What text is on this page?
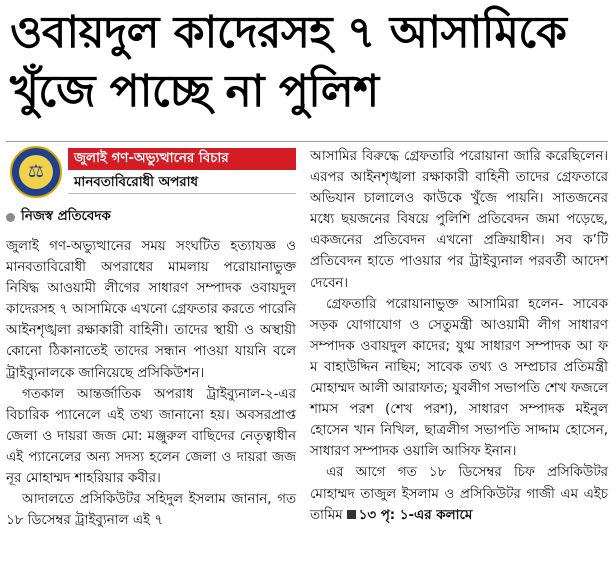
ওবায়দুল কাদেরসহ ৭ আসামিকে
খুঁজে পাচ্ছে না পুলিশ
⚖
জুলাই গণ-অভ্যুত্থানের বিচার
মানবতাবিরোধী অপরাধ
নিজস্ব প্রতিবেদক

জুলাই গণ-অভ্যুত্থানের সময় সংঘটিত হত্যাযজ্ঞ ও মানবতাবিরোধী অপরাধের মামলায় পরোয়ানাভুক্ত নিষিদ্ধ আওয়ামী লীগের সাধারণ সম্পাদক ওবায়দুল কাদেরসহ ৭ আসামিকে এখনো গ্রেফতার করতে পারেনি আইনশৃঙ্খলা রক্ষাকারী বাহিনী। তাদের স্থায়ী ও অস্থায়ী কোনো ঠিকানাতেই তাদের সন্ধান পাওয়া যায়নি বলে ট্রাইব্যুনালকে জানিয়েছে প্রসিকিউশন।

গতকাল আন্তর্জাতিক অপরাধ ট্রাইব্যুনাল-২-এর বিচারিক প্যানেলে এই তথ্য জানানো হয়। অবসরপ্রাপ্ত জেলা ও দায়রা জজ মো: মঞ্জুরুল বাছিদের নেতৃত্বাধীন এই প্যানেলের অন্য সদস্য হলেন জেলা ও দায়রা জজ নূর মোহাম্মদ শাহরিয়ার কবীর।

আদালতে প্রসিকিউটর সহিদুল ইসলাম জানান, গত ১৮ ডিসেম্বর ট্রাইব্যুনাল এই ৭

আসামির বিরুদ্ধে গ্রেফতারি পরোয়ানা জারি করেছিলেন। এরপর আইনশৃঙ্খলা রক্ষাকারী বাহিনী তাদের গ্রেফতারে অভিযান চালালেও কাউকে খুঁজে পায়নি। সাতজনের মধ্যে ছয়জনের বিষয়ে পুলিশি প্রতিবেদন জমা পড়েছে, একজনের প্রতিবেদন এখনো প্রক্রিয়াধীন। সব ক’টি প্রতিবেদন হাতে পাওয়ার পর ট্রাইব্যুনাল পরবর্তী আদেশ দেবেন।

গ্রেফতারি পরোয়ানাভুক্ত আসামিরা হলেন- সাবেক সড়ক যোগাযোগ ও সেতুমন্ত্রী আওয়ামী লীগ সাধারণ সম্পাদক ওবায়দুল কাদের; যুগ্ম সাধারণ সম্পাদক আ ফ ম বাহাউদ্দিন নাছিম; সাবেক তথ্য ও সম্প্রচার প্রতিমন্ত্রী মোহাম্মদ আলী আরাফাত; যুবলীগ সভাপতি শেখ ফজলে শামস পরশ (শেখ পরশ), সাধারণ সম্পাদক মইনুল হোসেন খান নিখিল, ছাত্রলীগ সভাপতি সাদ্দাম হোসেন, সাধারণ সম্পাদক ওয়ালি আসিফ ইনান।

এর আগে গত ১৮ ডিসেম্বর চিফ প্রসিকিউটর মোহাম্মদ তাজুল ইসলাম ও প্রসিকিউটর গাজী এম এইচ তামিম ১৩ পৃ: ১-এর কলামে
